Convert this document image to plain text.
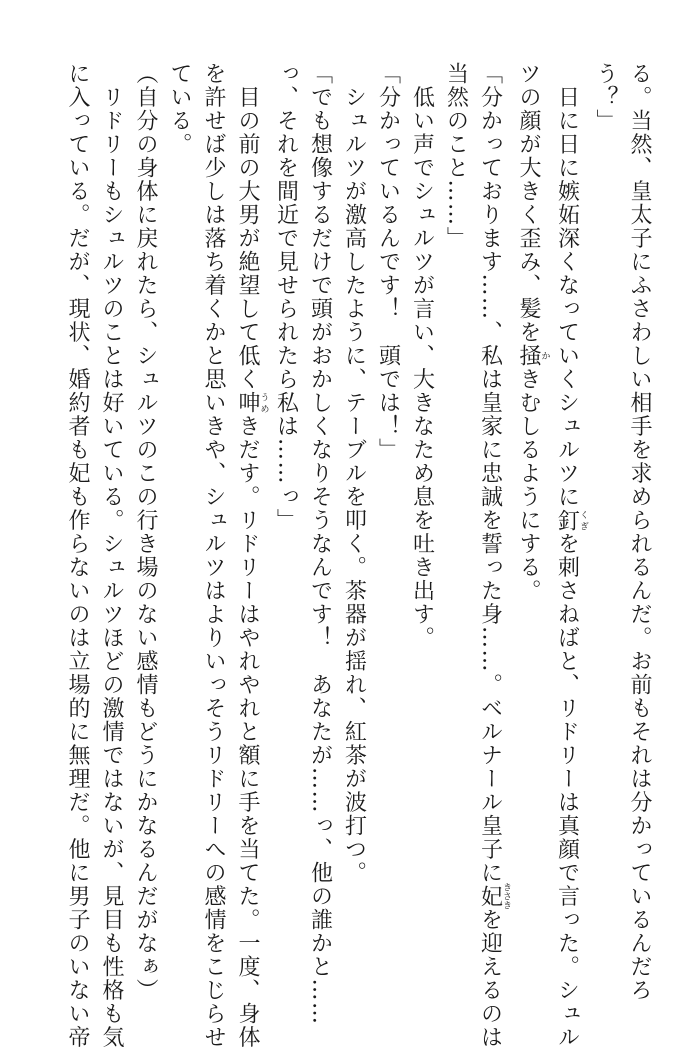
る。当然、皇太子にふさわしい相手を求められるんだ。お前もそれは分かっているんだろ
う？」
　日に日に嫉妬深くなっていくシュルツに釘くぎを刺さねばと、リドリーは真顔で言った。シュル
ツの顔が大きく歪み、髪を掻かきむしるようにする。
「分かっております……、私は皇家に忠誠を誓った身……。ベルナール皇子に妃きさきを迎えるのは
当然のこと……」
　低い声でシュルツが言い、大きなため息を吐き出す。
「分かっているんです！　頭では！」
　シュルツが激高したように、テーブルを叩く。茶器が揺れ、紅茶が波打つ。
「でも想像するだけで頭がおかしくなりそうなんです！　あなたが……っ、他の誰かと……
っ、それを間近で見せられたら私は……っ」
　目の前の大男が絶望して低く呻うめきだす。リドリーはやれやれと額に手を当てた。一度、身体
を許せば少しは落ち着くかと思いきや、シュルツはよりいっそうリドリーへの感情をこじらせ
ている。
（自分の身体に戻れたら、シュルツのこの行き場のない感情もどうにかなるんだがなぁ）
　リドリーもシュルツのことは好いている。シュルツほどの激情ではないが、見目も性格も気
に入っている。だが、現状、婚約者も妃も作らないのは立場的に無理だ。他に男子のいない帝
